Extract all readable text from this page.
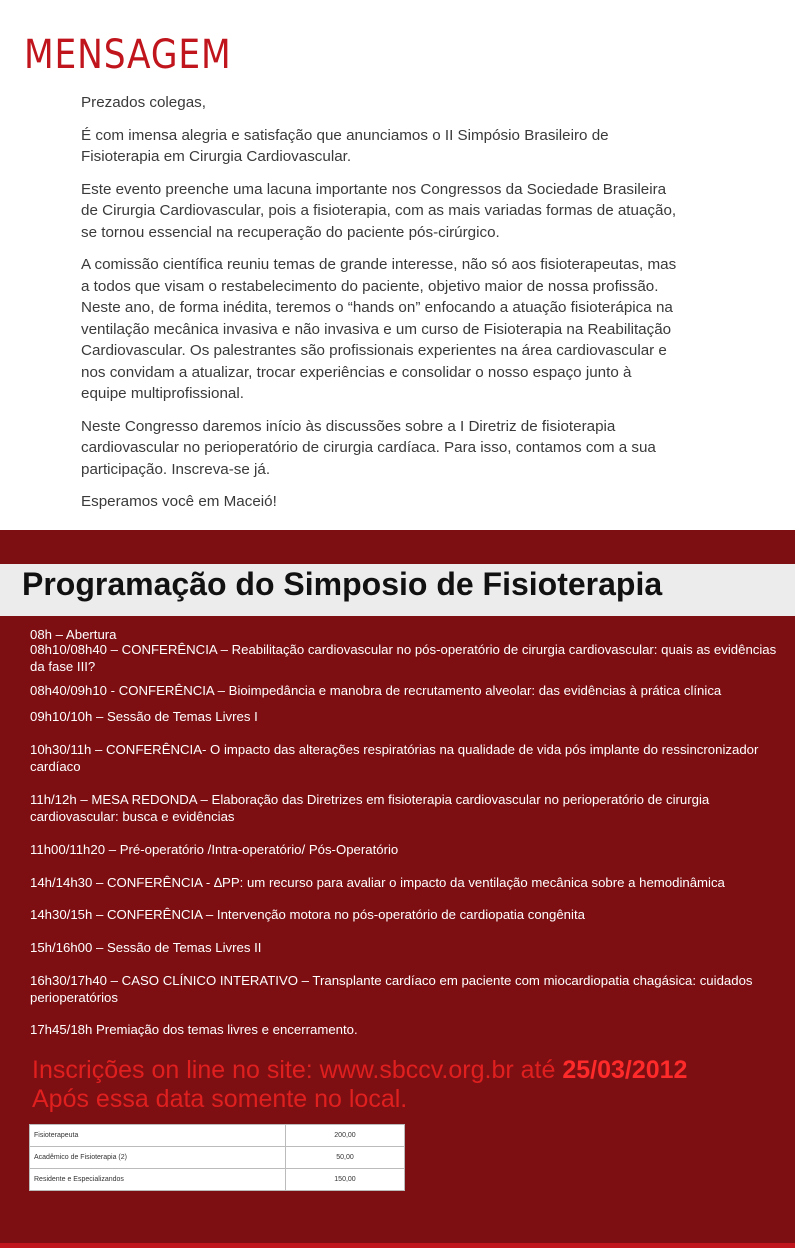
MENSAGEM

Prezados colegas,

É com imensa alegria e satisfação que anunciamos o II Simpósio Brasileiro de Fisioterapia em Cirurgia Cardiovascular.

Este evento preenche uma lacuna importante nos Congressos da Sociedade Brasileira de Cirurgia Cardiovascular, pois a fisioterapia, com as mais variadas formas de atuação, se tornou essencial na recuperação do paciente pós-cirúrgico.

A comissão científica reuniu temas de grande interesse, não só aos fisioterapeutas, mas a todos que visam o restabelecimento do paciente, objetivo maior de nossa profissão. Neste ano, de forma inédita, teremos o “hands on” enfocando a atuação fisioterápica na ventilação mecânica invasiva e não invasiva e um curso de Fisioterapia na Reabilitação Cardiovascular. Os palestrantes são profissionais experientes na área cardiovascular e nos convidam a atualizar, trocar experiências e consolidar o nosso espaço junto à equipe multiprofissional.

Neste Congresso daremos início às discussões sobre a I Diretriz de fisioterapia cardiovascular no perioperatório de cirurgia cardíaca. Para isso, contamos com a sua participação. Inscreva-se já.

Esperamos você em Maceió!

Programação do Simposio de Fisioterapia
08h – Abertura
08h10/08h40 – CONFERÊNCIA – Reabilitação cardiovascular no pós-operatório de cirurgia cardiovascular: quais as evidências da fase III?
08h40/09h10 - CONFERÊNCIA – Bioimpedância e manobra de recrutamento alveolar: das evidências à prática clínica
09h10/10h – Sessão de Temas Livres I
10h30/11h – CONFERÊNCIA- O impacto das alterações respiratórias na qualidade de vida pós implante do ressincronizador cardíaco
11h/12h – MESA REDONDA – Elaboração das Diretrizes em fisioterapia cardiovascular no perioperatório de cirurgia cardiovascular: busca e evidências
11h00/11h20 – Pré-operatório /Intra-operatório/ Pós-Operatório
14h/14h30 – CONFERÊNCIA - ∆PP: um recurso para avaliar o impacto da ventilação mecânica sobre a hemodinâmica
14h30/15h – CONFERÊNCIA – Intervenção motora no pós-operatório de cardiopatia congênita
15h/16h00 – Sessão de Temas Livres II
16h30/17h40 – CASO CLÍNICO INTERATIVO – Transplante cardíaco em paciente com miocardiopatia chagásica: cuidados perioperatórios
17h45/18h Premiação dos temas livres e encerramento.
Inscrições on line no site: www.sbccv.org.br até 25/03/2012
Após essa data somente no local.
Fisioterapeuta	200,00
Acadêmico de Fisioterapia (2)	50,00
Residente e Especializandos	150,00
